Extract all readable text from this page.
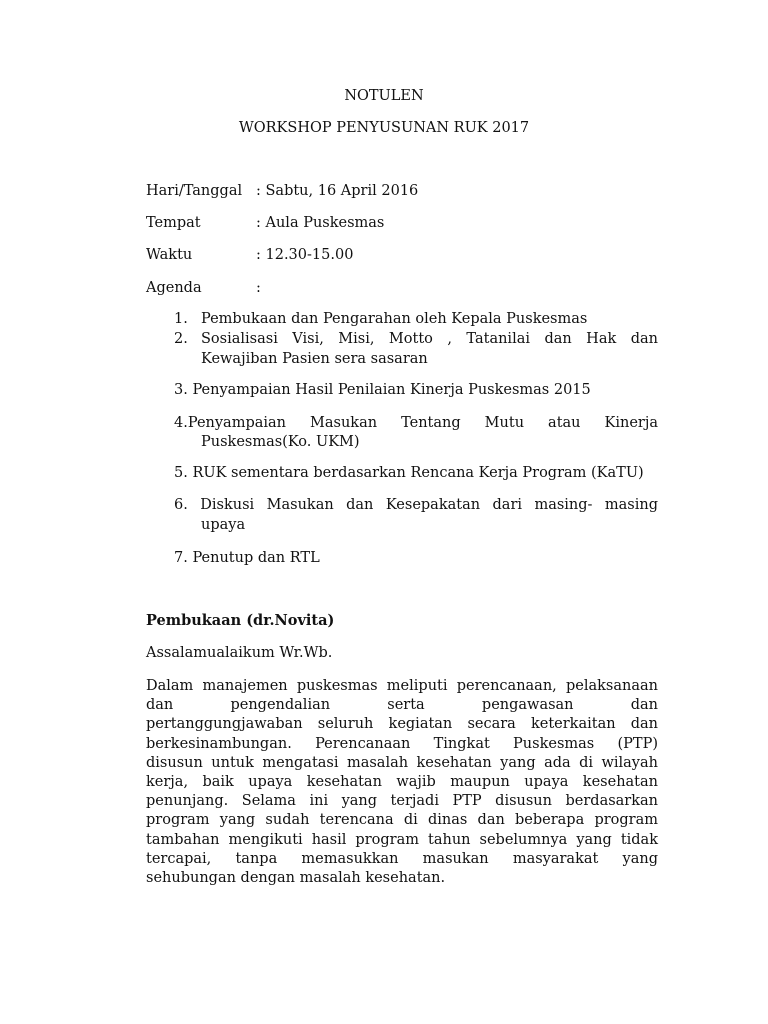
NOTULEN
WORKSHOP PENYUSUNAN RUK 2017
Hari/Tanggal : Sabtu, 16 April 2016
Tempat	: Aula Puskesmas
Waktu	: 12.30-15.00
Agenda	:
1. Pembukaan dan Pengarahan oleh Kepala Puskesmas
2. Sosialisasi Visi, Misi, Motto , Tatanilai dan Hak dan
Kewajiban Pasien sera sasaran
3. Penyampaian Hasil Penilaian Kinerja Puskesmas 2015
4.Penyampaian Masukan Tentang Mutu atau Kinerja
Puskesmas(Ko. UKM)
5. RUK sementara berdasarkan Rencana Kerja Program (KaTU)
6. Diskusi Masukan dan Kesepakatan dari masing- masing
upaya
7. Penutup dan RTL
Pembukaan (dr.Novita)
Assalamualaikum Wr.Wb.
Dalam manajemen puskesmas meliputi perencanaan, pelaksanaan
dan pengendalian serta pengawasan dan
pertanggungjawaban seluruh kegiatan secara keterkaitan dan
berkesinambungan. Perencanaan Tingkat Puskesmas (PTP)
disusun untuk mengatasi masalah kesehatan yang ada di wilayah
kerja, baik upaya kesehatan wajib maupun upaya kesehatan
penunjang. Selama ini yang terjadi PTP disusun berdasarkan
program yang sudah terencana di dinas dan beberapa program
tambahan mengikuti hasil program tahun sebelumnya yang tidak
tercapai, tanpa memasukkan masukan masyarakat yang
sehubungan dengan masalah kesehatan.
